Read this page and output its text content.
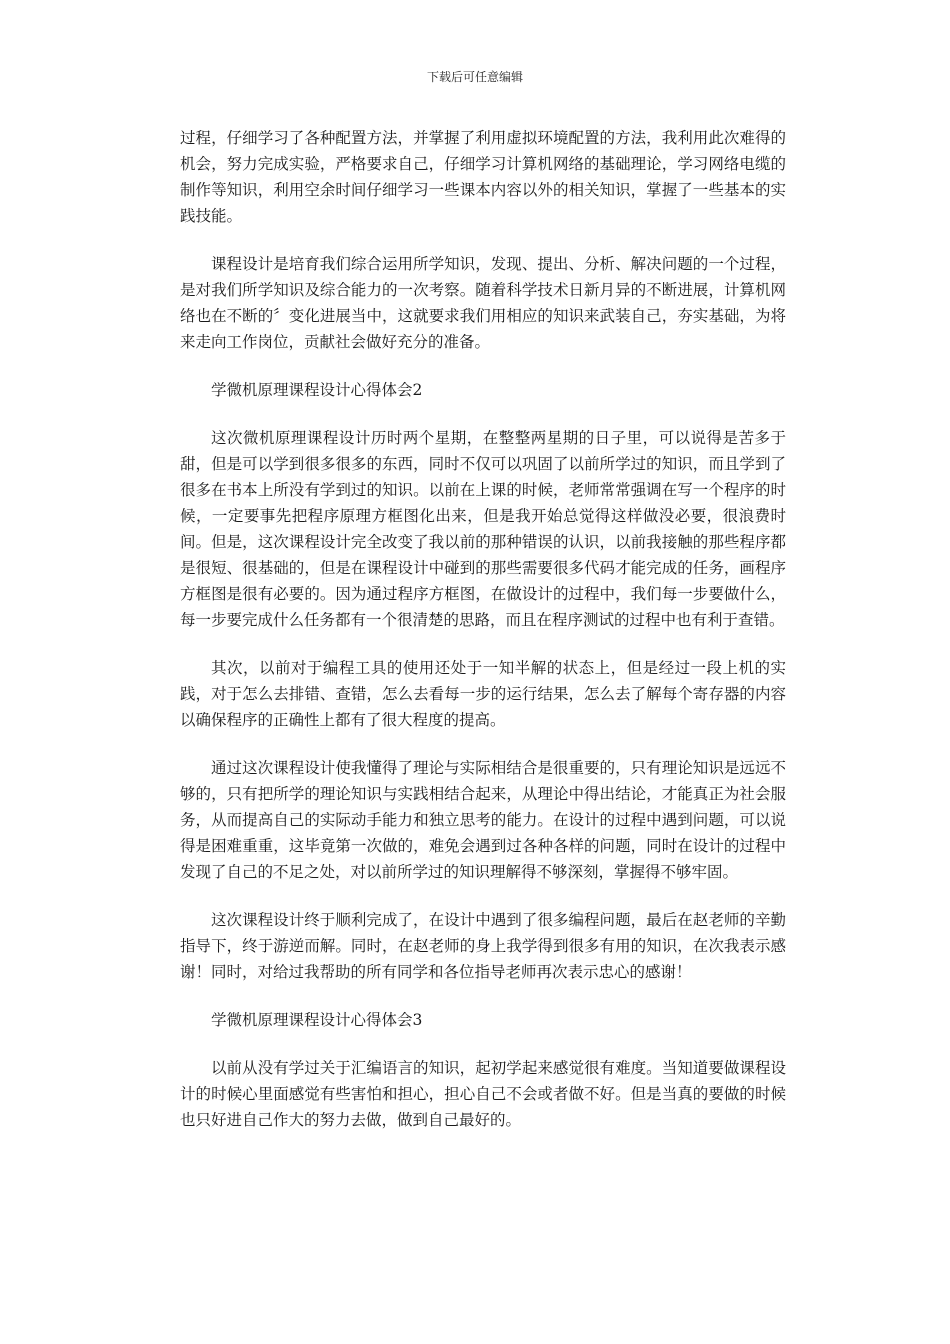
下载后可任意编辑

过程，仔细学习了各种配置方法，并掌握了利用虚拟环境配置的方法，我利用此次难得的机会，努力完成实验，严格要求自己，仔细学习计算机网络的基础理论，学习网络电缆的制作等知识，利用空余时间仔细学习一些课本内容以外的相关知识，掌握了一些基本的实践技能。

课程设计是培育我们综合运用所学知识，发现、提出、分析、解决问题的一个过程，是对我们所学知识及综合能力的一次考察。随着科学技术日新月异的不断进展，计算机网络也在不断的〞变化进展当中，这就要求我们用相应的知识来武装自己，夯实基础，为将来走向工作岗位，贡献社会做好充分的准备。

学微机原理课程设计心得体会2

这次微机原理课程设计历时两个星期，在整整两星期的日子里，可以说得是苦多于甜，但是可以学到很多很多的东西，同时不仅可以巩固了以前所学过的知识，而且学到了很多在书本上所没有学到过的知识。以前在上课的时候，老师常常强调在写一个程序的时候，一定要事先把程序原理方框图化出来，但是我开始总觉得这样做没必要，很浪费时间。但是，这次课程设计完全改变了我以前的那种错误的认识，以前我接触的那些程序都是很短、很基础的，但是在课程设计中碰到的那些需要很多代码才能完成的任务，画程序方框图是很有必要的。因为通过程序方框图，在做设计的过程中，我们每一步要做什么，每一步要完成什么任务都有一个很清楚的思路，而且在程序测试的过程中也有利于查错。

其次，以前对于编程工具的使用还处于一知半解的状态上，但是经过一段上机的实践，对于怎么去排错、查错，怎么去看每一步的运行结果，怎么去了解每个寄存器的内容以确保程序的正确性上都有了很大程度的提高。

通过这次课程设计使我懂得了理论与实际相结合是很重要的，只有理论知识是远远不够的，只有把所学的理论知识与实践相结合起来，从理论中得出结论，才能真正为社会服务，从而提高自己的实际动手能力和独立思考的能力。在设计的过程中遇到问题，可以说得是困难重重，这毕竟第一次做的，难免会遇到过各种各样的问题，同时在设计的过程中发现了自己的不足之处，对以前所学过的知识理解得不够深刻，掌握得不够牢固。

这次课程设计终于顺利完成了，在设计中遇到了很多编程问题，最后在赵老师的辛勤指导下，终于游逆而解。同时，在赵老师的身上我学得到很多有用的知识，在次我表示感谢！同时，对给过我帮助的所有同学和各位指导老师再次表示忠心的感谢！

学微机原理课程设计心得体会3

以前从没有学过关于汇编语言的知识，起初学起来感觉很有难度。当知道要做课程设计的时候心里面感觉有些害怕和担心，担心自己不会或者做不好。但是当真的要做的时候也只好进自己作大的努力去做，做到自己最好的。
